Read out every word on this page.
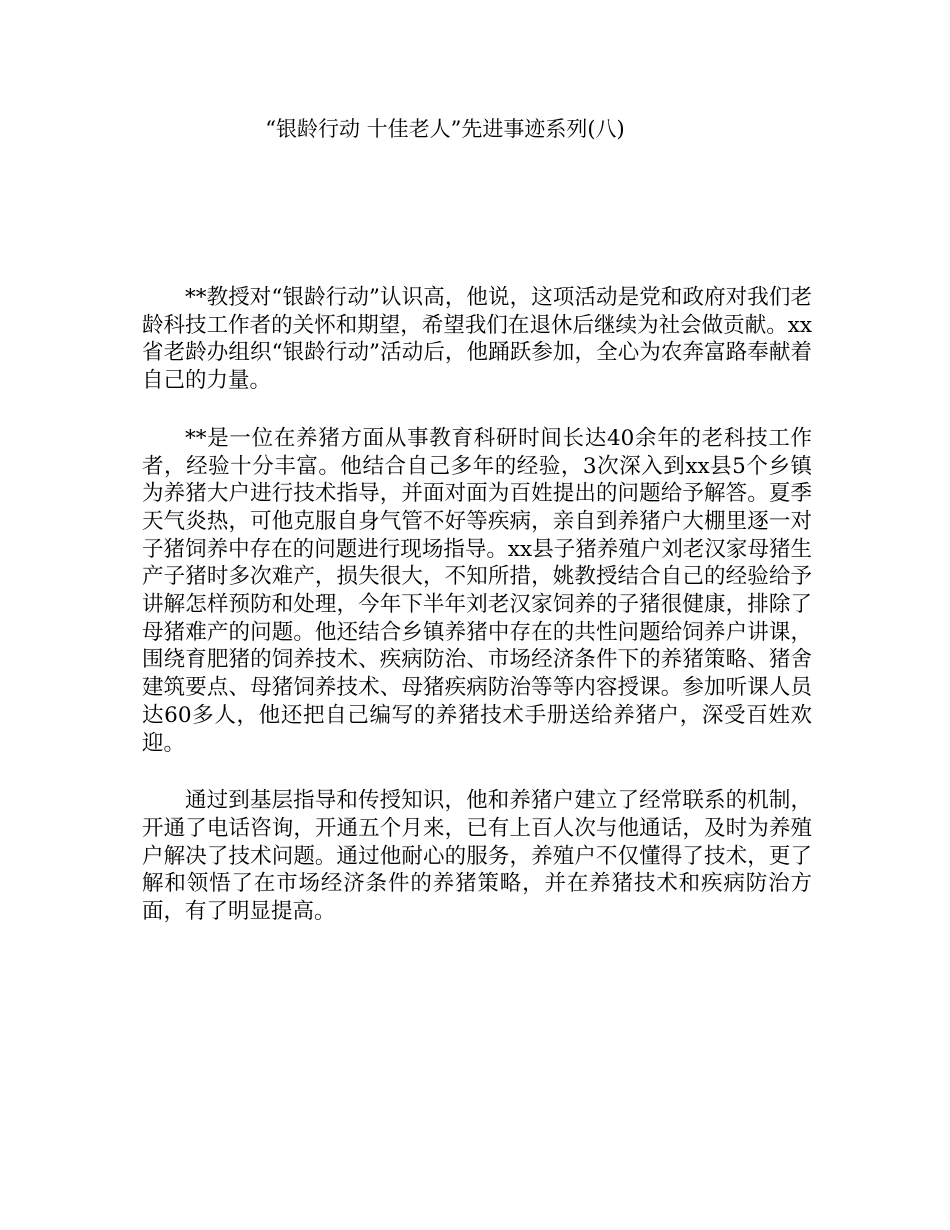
“银龄行动 十佳老人”先进事迹系列(八)

**教授对“银龄行动”认识高，他说，这项活动是党和政府对我们老龄科技工作者的关怀和期望，希望我们在退休后继续为社会做贡献。xx省老龄办组织“银龄行动”活动后，他踊跃参加，全心为农奔富路奉献着自己的力量。

**是一位在养猪方面从事教育科研时间长达40余年的老科技工作者，经验十分丰富。他结合自己多年的经验，3次深入到xx县5个乡镇为养猪大户进行技术指导，并面对面为百姓提出的问题给予解答。夏季天气炎热，可他克服自身气管不好等疾病，亲自到养猪户大棚里逐一对子猪饲养中存在的问题进行现场指导。xx县子猪养殖户刘老汉家母猪生产子猪时多次难产，损失很大，不知所措，姚教授结合自己的经验给予讲解怎样预防和处理，今年下半年刘老汉家饲养的子猪很健康，排除了母猪难产的问题。他还结合乡镇养猪中存在的共性问题给饲养户讲课，围绕育肥猪的饲养技术、疾病防治、市场经济条件下的养猪策略、猪舍建筑要点、母猪饲养技术、母猪疾病防治等等内容授课。参加听课人员达60多人，他还把自己编写的养猪技术手册送给养猪户，深受百姓欢迎。

通过到基层指导和传授知识，他和养猪户建立了经常联系的机制，开通了电话咨询，开通五个月来，已有上百人次与他通话，及时为养殖户解决了技术问题。通过他耐心的服务，养殖户不仅懂得了技术，更了解和领悟了在市场经济条件的养猪策略，并在养猪技术和疾病防治方面，有了明显提高。
